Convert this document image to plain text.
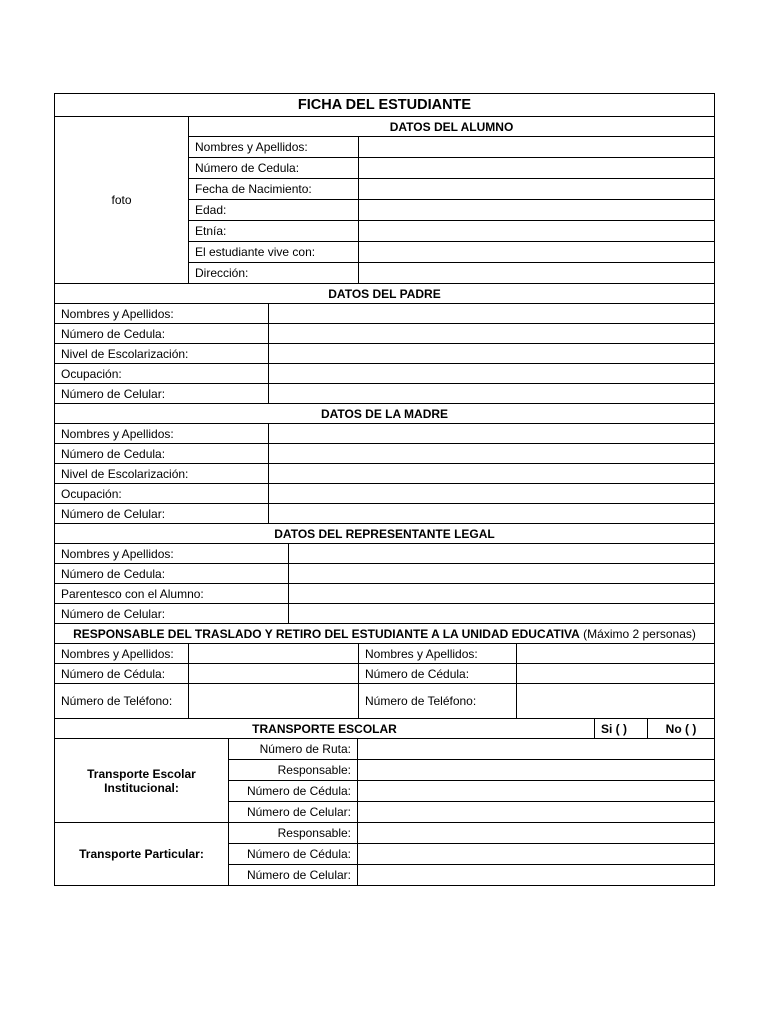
FICHA DEL ESTUDIANTE		
foto	DATOS DEL ALUMNO	
	Nombres y Apellidos:	
	Número de Cedula:	
	Fecha de Nacimiento:	
	Edad:	
	Etnía:	
	El estudiante vive con:	
	Dirección:	
DATOS DEL PADRE	
Nombres y Apellidos:	
Número de Cedula:	
Nivel de Escolarización:	
Ocupación:	
Número de Celular:	
DATOS DE LA MADRE	
Nombres y Apellidos:	
Número de Cedula:	
Nivel de Escolarización:	
Ocupación:	
Número de Celular:	
DATOS DEL REPRESENTANTE LEGAL	
Nombres y Apellidos:	
Número de Cedula:	
Parentesco con el Alumno:	
Número de Celular:	
RESPONSABLE DEL TRASLADO Y RETIRO DEL ESTUDIANTE A LA UNIDAD EDUCATIVA (Máximo 2 personas)			
Nombres y Apellidos:		Nombres y Apellidos:	
Número de Cédula:		Número de Cédula:	
Número de Teléfono:		Número de Teléfono:	
TRANSPORTE ESCOLAR			Si ( )	No ( )
Transporte Escolar Institucional:	Número de Ruta:			
	Responsable:			
	Número de Cédula:			
	Número de Celular:			
Transporte Particular:	Responsable:			
	Número de Cédula:			
	Número de Celular:			
